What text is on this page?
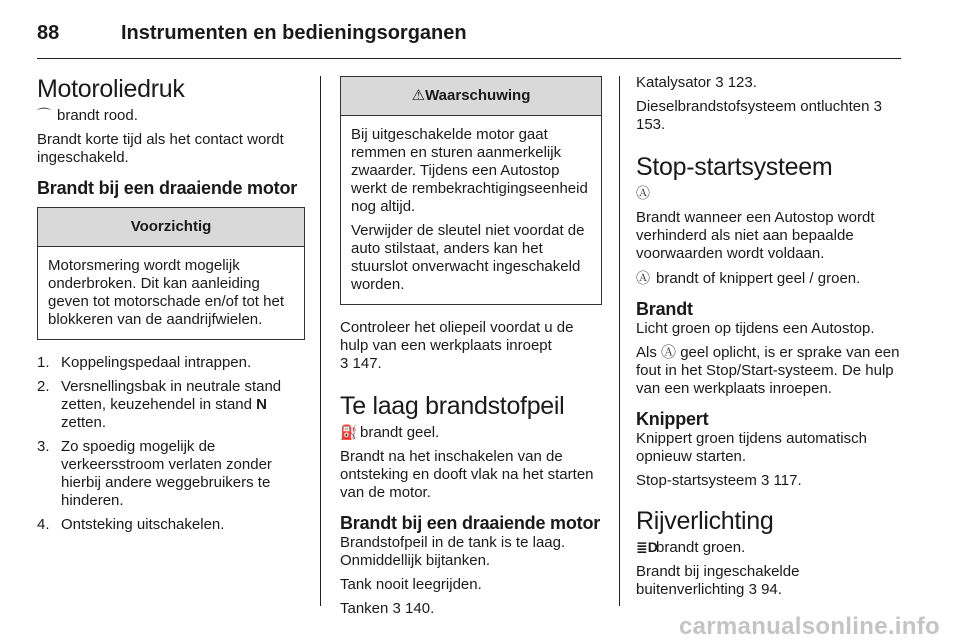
88	Instrumenten en bedieningsorganen
Motoroliedruk

⌒ brandt rood.

Brandt korte tijd als het contact wordt ingeschakeld.

Brandt bij een draaiende motor
Voorzichtig

Motorsmering wordt mogelijk onderbroken. Dit kan aanleiding geven tot motorschade en/of tot het blokkeren van de aandrijfwielen.

1. Koppelingspedaal intrappen.
2. Versnellingsbak in neutrale stand zetten, keuzehendel in stand N zetten.
3. Zo spoedig mogelijk de verkeersstroom verlaten zonder hierbij andere weggebruikers te hinderen.
4. Ontsteking uitschakelen.
⚠Waarschuwing

Bij uitgeschakelde motor gaat remmen en sturen aanmerkelijk zwaarder. Tijdens een Autostop werkt de rembekrachtigingseenheid nog altijd.

Verwijder de sleutel niet voordat de auto stilstaat, anders kan het stuurslot onverwacht ingeschakeld worden.

Controleer het oliepeil voordat u de hulp van een werkplaats inroept
3 147.

Te laag brandstofpeil

⛽ brandt geel.

Brandt na het inschakelen van de ontsteking en dooft vlak na het starten van de motor.

Brandt bij een draaiende motor

Brandstofpeil in de tank is te laag. Onmiddellijk bijtanken.

Tank nooit leegrijden.

Tanken 3 140.

Katalysator 3 123.

Dieselbrandstofsysteem ontluchten 3 153.

Stop-startsysteem

Ⓐ

Brandt wanneer een Autostop wordt verhinderd als niet aan bepaalde voorwaarden wordt voldaan.

Ⓐ brandt of knippert geel / groen.

Brandt

Licht groen op tijdens een Autostop.

Als Ⓐ geel oplicht, is er sprake van een fout in het Stop/Start-systeem. De hulp van een werkplaats inroepen.

Knippert

Knippert groen tijdens automatisch opnieuw starten.

Stop-startsysteem 3 117.

Rijverlichting

≣Dbrandt groen.

Brandt bij ingeschakelde buitenverlichting 3 94.

carmanualsonline.info
